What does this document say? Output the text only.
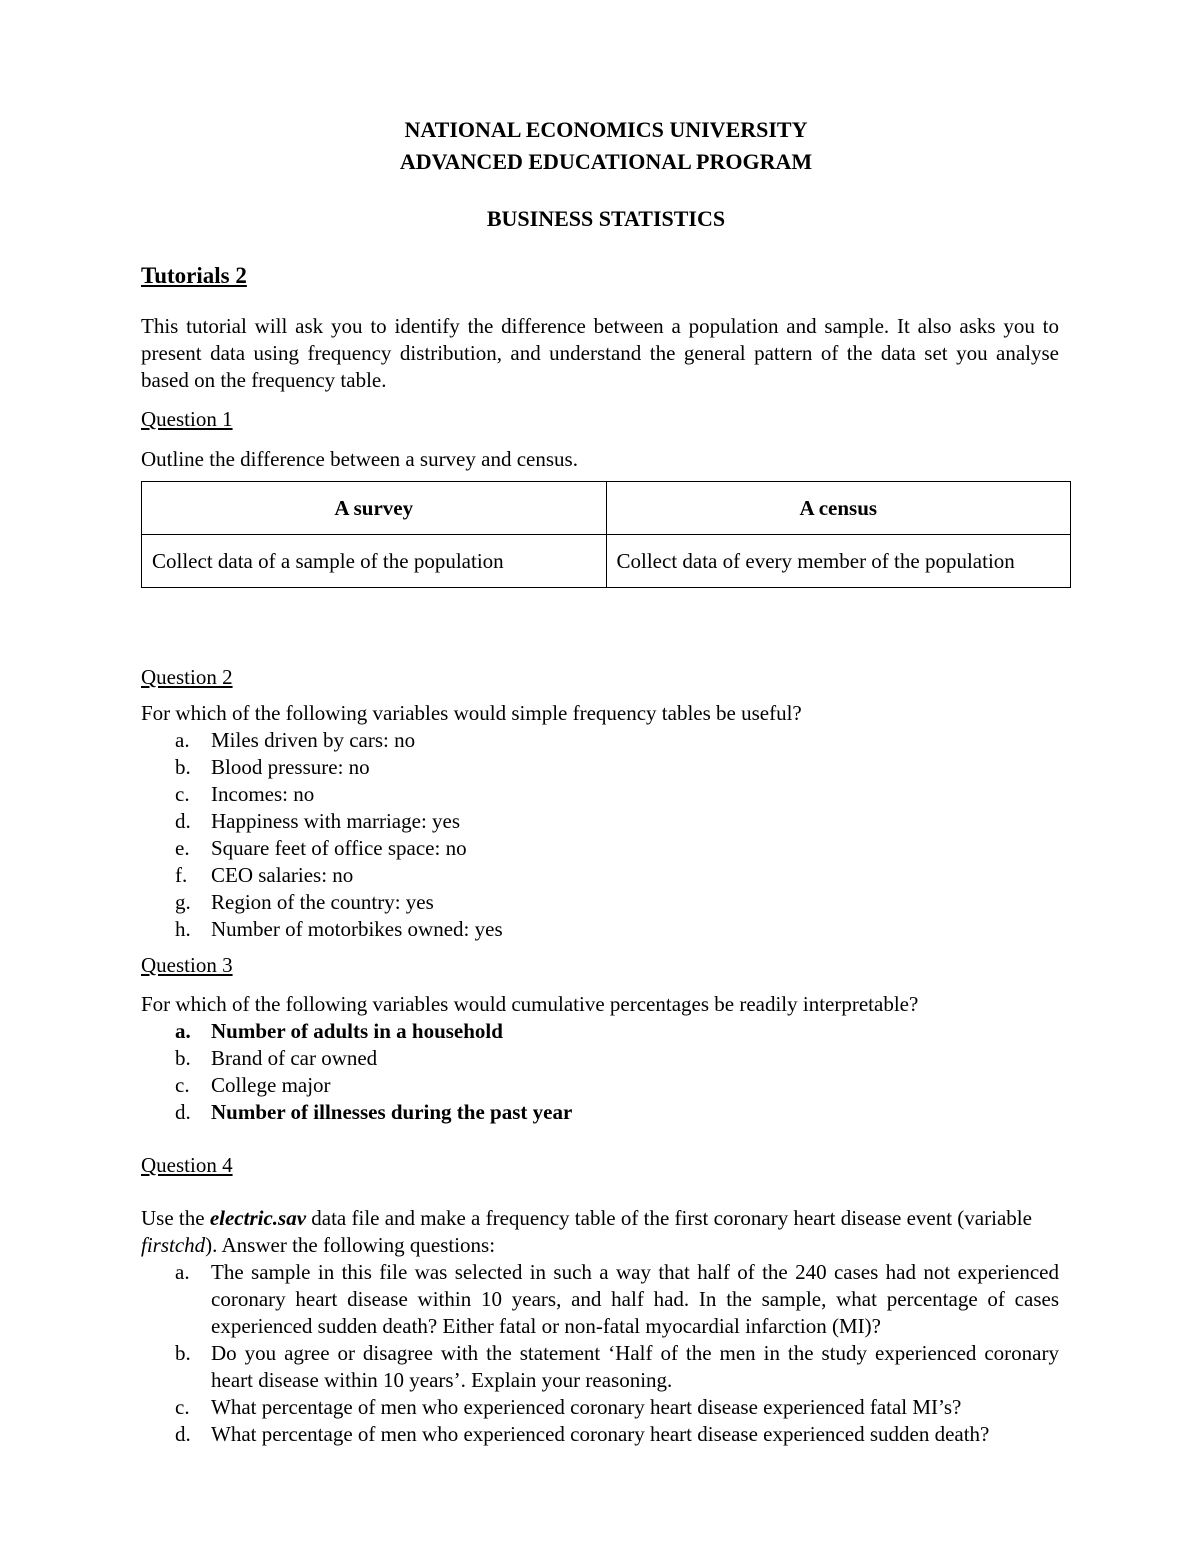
NATIONAL ECONOMICS UNIVERSITY

ADVANCED EDUCATIONAL PROGRAM

BUSINESS STATISTICS

Tutorials 2

This tutorial will ask you to identify the difference between a population and sample. It also asks you to present data using frequency distribution, and understand the general pattern of the data set you analyse based on the frequency table.

Question 1

Outline the difference between a survey and census.

A survey	A census
Collect data of a sample of the population	Collect data of every member of the population

Question 2

For which of the following variables would simple frequency tables be useful?

a. Miles driven by cars: no
b. Blood pressure: no
c. Incomes: no
d. Happiness with marriage: yes
e. Square feet of office space: no
f. CEO salaries: no
g. Region of the country: yes
h. Number of motorbikes owned: yes

Question 3

For which of the following variables would cumulative percentages be readily interpretable?

a. Number of adults in a household
b. Brand of car owned
c. College major
d. Number of illnesses during the past year

Question 4

Use the electric.sav data file and make a frequency table of the first coronary heart disease event (variable firstchd). Answer the following questions:

a. The sample in this file was selected in such a way that half of the 240 cases had not experienced coronary heart disease within 10 years, and half had. In the sample, what percentage of cases experienced sudden death? Either fatal or non-fatal myocardial infarction (MI)?
b. Do you agree or disagree with the statement ‘Half of the men in the study experienced coronary heart disease within 10 years’. Explain your reasoning.
c. What percentage of men who experienced coronary heart disease experienced fatal MI’s?
d. What percentage of men who experienced coronary heart disease experienced sudden death?
